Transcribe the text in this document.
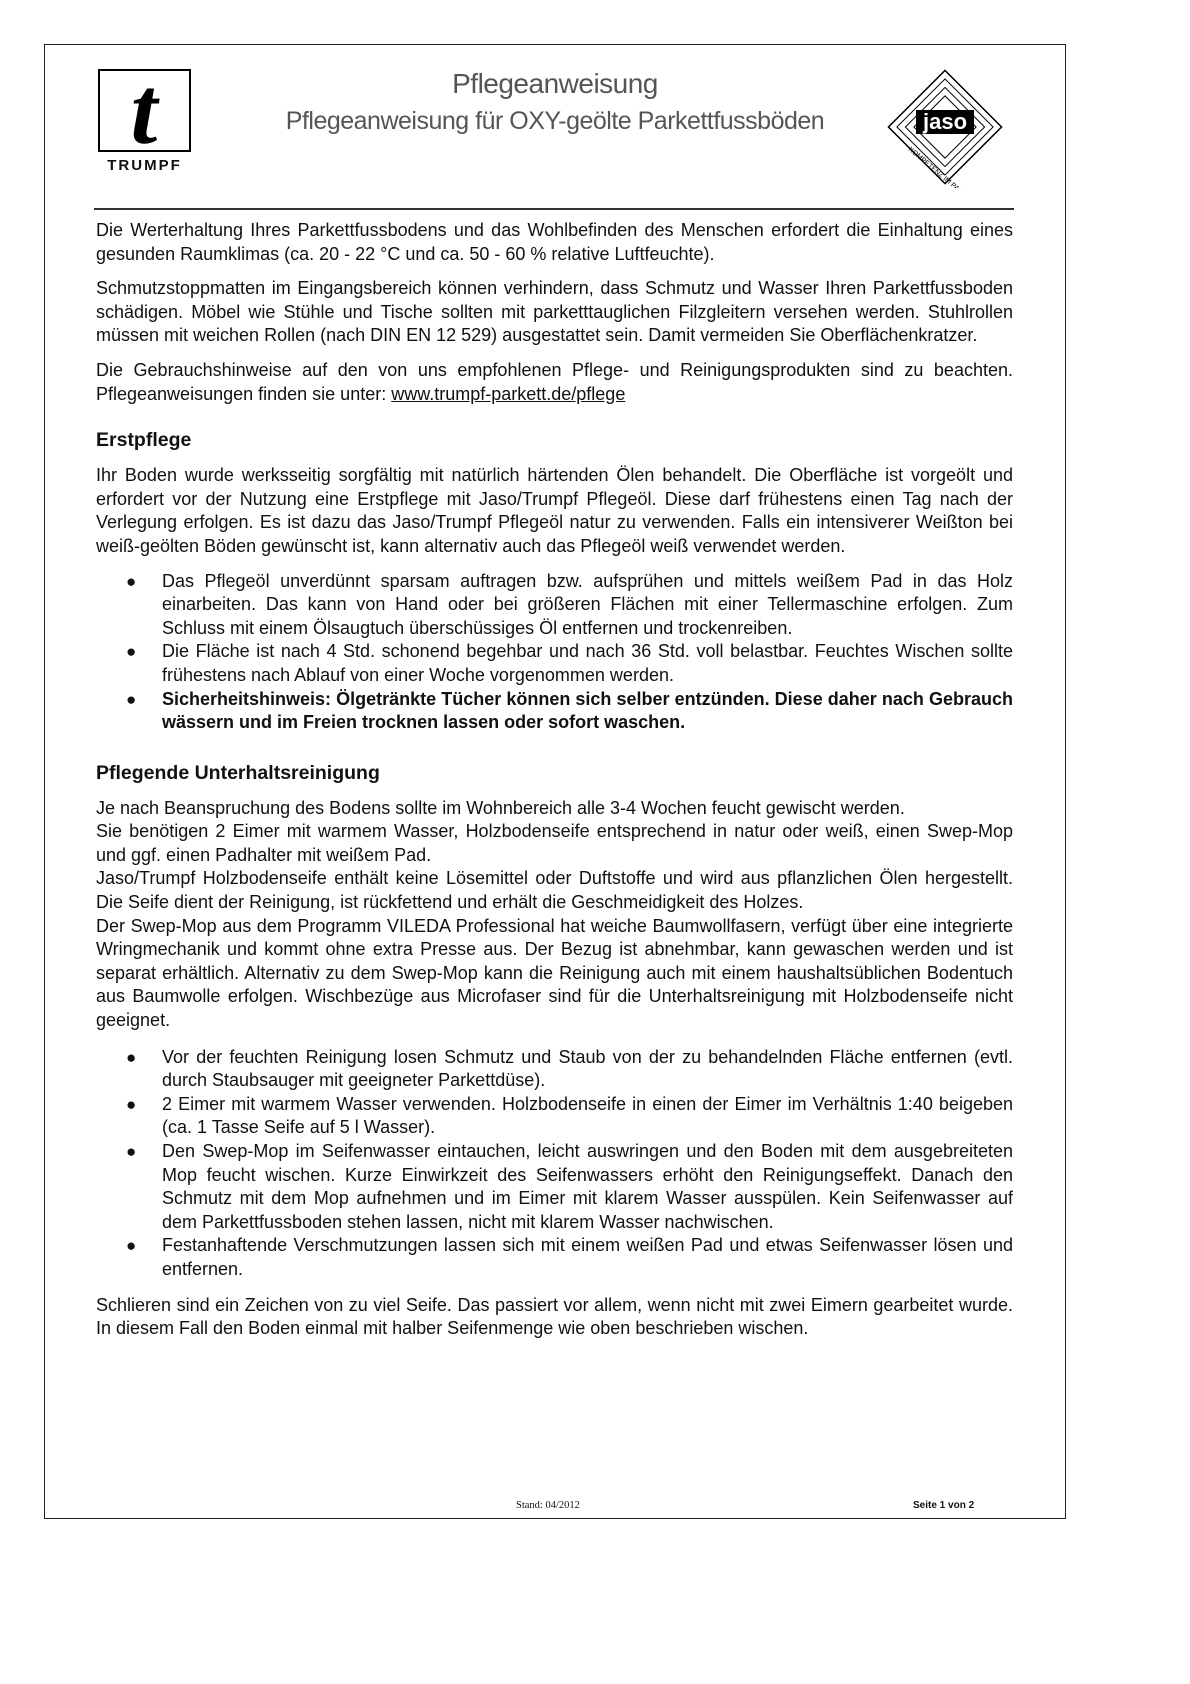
t
TRUMPF
Pflegeanweisung
Pflegeanweisung für OXY-geölte Parkettfussböden	jaso
KOMPETENZ IM PARKETT

Die Werterhaltung Ihres Parkettfussbodens und das Wohlbefinden des Menschen erfordert die Einhaltung eines gesunden Raumklimas (ca. 20 - 22 °C und ca. 50 - 60 % relative Luftfeuchte).

Schmutzstoppmatten im Eingangsbereich können verhindern, dass Schmutz und Wasser Ihren Parkettfussboden schädigen. Möbel wie Stühle und Tische sollten mit parketttauglichen Filzgleitern versehen werden. Stuhlrollen müssen mit weichen Rollen (nach DIN EN 12 529) ausgestattet sein. Damit vermeiden Sie Oberflächenkratzer.

Die Gebrauchshinweise auf den von uns empfohlenen Pflege- und Reinigungsprodukten sind zu beachten. Pflegeanweisungen finden sie unter: www.trumpf-parkett.de/pflege

Erstpflege

Ihr Boden wurde werksseitig sorgfältig mit natürlich härtenden Ölen behandelt. Die Oberfläche ist vorgeölt und erfordert vor der Nutzung eine Erstpflege mit Jaso/Trumpf Pflegeöl. Diese darf frühestens einen Tag nach der Verlegung erfolgen. Es ist dazu das Jaso/Trumpf Pflegeöl natur zu verwenden. Falls ein intensiverer Weißton bei weiß-geölten Böden gewünscht ist, kann alternativ auch das Pflegeöl weiß verwendet werden.

● Das Pflegeöl unverdünnt sparsam auftragen bzw. aufsprühen und mittels weißem Pad in das Holz einarbeiten. Das kann von Hand oder bei größeren Flächen mit einer Tellermaschine erfolgen. Zum Schluss mit einem Ölsaugtuch überschüssiges Öl entfernen und trockenreiben.
● Die Fläche ist nach 4 Std. schonend begehbar und nach 36 Std. voll belastbar. Feuchtes Wischen sollte frühestens nach Ablauf von einer Woche vorgenommen werden.
● Sicherheitshinweis: Ölgetränkte Tücher können sich selber entzünden. Diese daher nach Gebrauch wässern und im Freien trocknen lassen oder sofort waschen.
Pflegende Unterhaltsreinigung

Je nach Beanspruchung des Bodens sollte im Wohnbereich alle 3-4 Wochen feucht gewischt werden.

Sie benötigen 2 Eimer mit warmem Wasser, Holzbodenseife entsprechend in natur oder weiß, einen Swep-Mop und ggf. einen Padhalter mit weißem Pad.

Jaso/Trumpf Holzbodenseife enthält keine Lösemittel oder Duftstoffe und wird aus pflanzlichen Ölen hergestellt. Die Seife dient der Reinigung, ist rückfettend und erhält die Geschmeidigkeit des Holzes.

Der Swep-Mop aus dem Programm VILEDA Professional hat weiche Baumwollfasern, verfügt über eine integrierte Wringmechanik und kommt ohne extra Presse aus. Der Bezug ist abnehmbar, kann gewaschen werden und ist separat erhältlich. Alternativ zu dem Swep-Mop kann die Reinigung auch mit einem haushaltsüblichen Bodentuch aus Baumwolle erfolgen. Wischbezüge aus Microfaser sind für die Unterhaltsreinigung mit Holzbodenseife nicht geeignet.

● Vor der feuchten Reinigung losen Schmutz und Staub von der zu behandelnden Fläche entfernen (evtl. durch Staubsauger mit geeigneter Parkettdüse).
● 2 Eimer mit warmem Wasser verwenden. Holzbodenseife in einen der Eimer im Verhältnis 1:40 beigeben (ca. 1 Tasse Seife auf 5 l Wasser).
● Den Swep-Mop im Seifenwasser eintauchen, leicht auswringen und den Boden mit dem ausgebreiteten Mop feucht wischen. Kurze Einwirkzeit des Seifenwassers erhöht den Reinigungseffekt. Danach den Schmutz mit dem Mop aufnehmen und im Eimer mit klarem Wasser ausspülen. Kein Seifenwasser auf dem Parkettfussboden stehen lassen, nicht mit klarem Wasser nachwischen.
● Festanhaftende Verschmutzungen lassen sich mit einem weißen Pad und etwas Seifenwasser lösen und entfernen.

Schlieren sind ein Zeichen von zu viel Seife. Das passiert vor allem, wenn nicht mit zwei Eimern gearbeitet wurde. In diesem Fall den Boden einmal mit halber Seifenmenge wie oben beschrieben wischen.

Stand: 04/2012	Seite 1 von 2
